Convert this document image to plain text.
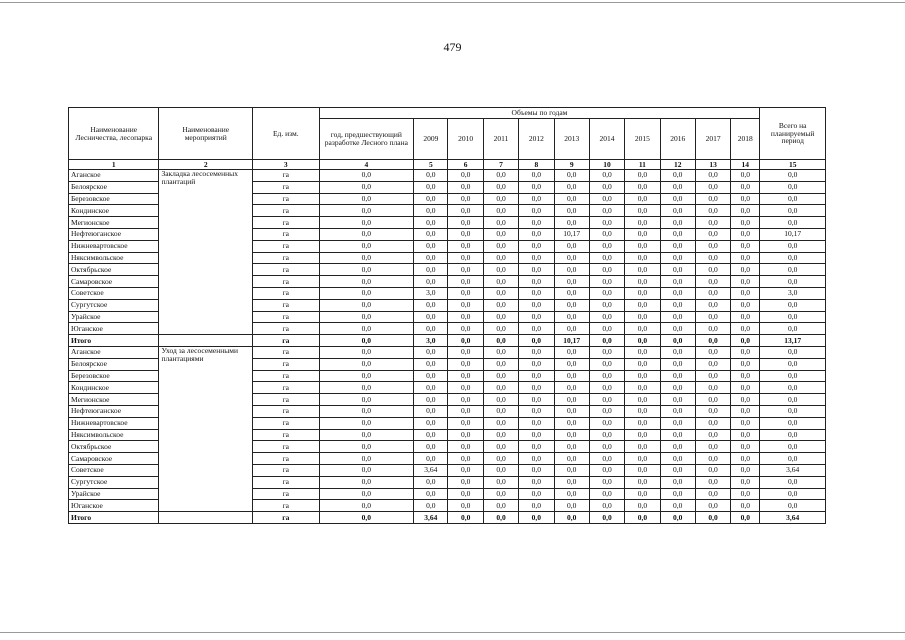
479
Наименование Лесничества, лесопарка	Наименование мероприятий	Ед. изм.	Объемы по годам											Всего на планируемый период
			год, предшествующий разработке Лесного плана	2009	2010	2011	2012	2013	2014	2015	2016	2017	2018	
1	2	3	4	5	6	7	8	9	10	11	12	13	14	15
Аганское	Закладка лесосеменных плантаций	га	0,0	0,0	0,0	0,0	0,0	0,0	0,0	0,0	0,0	0,0	0,0	0,0
Белоярское		га	0,0	0,0	0,0	0,0	0,0	0,0	0,0	0,0	0,0	0,0	0,0	0,0
Березовское		га	0,0	0,0	0,0	0,0	0,0	0,0	0,0	0,0	0,0	0,0	0,0	0,0
Кондинское		га	0,0	0,0	0,0	0,0	0,0	0,0	0,0	0,0	0,0	0,0	0,0	0,0
Мегионское		га	0,0	0,0	0,0	0,0	0,0	0,0	0,0	0,0	0,0	0,0	0,0	0,0
Нефтеюганское		га	0,0	0,0	0,0	0,0	0,0	10,17	0,0	0,0	0,0	0,0	0,0	10,17
Нижневартовское		га	0,0	0,0	0,0	0,0	0,0	0,0	0,0	0,0	0,0	0,0	0,0	0,0
Няксимвольское		га	0,0	0,0	0,0	0,0	0,0	0,0	0,0	0,0	0,0	0,0	0,0	0,0
Октябрьское		га	0,0	0,0	0,0	0,0	0,0	0,0	0,0	0,0	0,0	0,0	0,0	0,0
Самаровское		га	0,0	0,0	0,0	0,0	0,0	0,0	0,0	0,0	0,0	0,0	0,0	0,0
Советское		га	0,0	3,0	0,0	0,0	0,0	0,0	0,0	0,0	0,0	0,0	0,0	3,0
Сургутское		га	0,0	0,0	0,0	0,0	0,0	0,0	0,0	0,0	0,0	0,0	0,0	0,0
Урайское		га	0,0	0,0	0,0	0,0	0,0	0,0	0,0	0,0	0,0	0,0	0,0	0,0
Юганское		га	0,0	0,0	0,0	0,0	0,0	0,0	0,0	0,0	0,0	0,0	0,0	0,0
Итого		га	0,0	3,0	0,0	0,0	0,0	10,17	0,0	0,0	0,0	0,0	0,0	13,17
Аганское	Уход за лесосеменными плантациями	га	0,0	0,0	0,0	0,0	0,0	0,0	0,0	0,0	0,0	0,0	0,0	0,0
Белоярское		га	0,0	0,0	0,0	0,0	0,0	0,0	0,0	0,0	0,0	0,0	0,0	0,0
Березовское		га	0,0	0,0	0,0	0,0	0,0	0,0	0,0	0,0	0,0	0,0	0,0	0,0
Кондинское		га	0,0	0,0	0,0	0,0	0,0	0,0	0,0	0,0	0,0	0,0	0,0	0,0
Мегионское		га	0,0	0,0	0,0	0,0	0,0	0,0	0,0	0,0	0,0	0,0	0,0	0,0
Нефтеюганское		га	0,0	0,0	0,0	0,0	0,0	0,0	0,0	0,0	0,0	0,0	0,0	0,0
Нижневартовское		га	0,0	0,0	0,0	0,0	0,0	0,0	0,0	0,0	0,0	0,0	0,0	0,0
Няксимвольское		га	0,0	0,0	0,0	0,0	0,0	0,0	0,0	0,0	0,0	0,0	0,0	0,0
Октябрьское		га	0,0	0,0	0,0	0,0	0,0	0,0	0,0	0,0	0,0	0,0	0,0	0,0
Самаровское		га	0,0	0,0	0,0	0,0	0,0	0,0	0,0	0,0	0,0	0,0	0,0	0,0
Советское		га	0,0	3,64	0,0	0,0	0,0	0,0	0,0	0,0	0,0	0,0	0,0	3,64
Сургутское		га	0,0	0,0	0,0	0,0	0,0	0,0	0,0	0,0	0,0	0,0	0,0	0,0
Урайское		га	0,0	0,0	0,0	0,0	0,0	0,0	0,0	0,0	0,0	0,0	0,0	0,0
Юганское		га	0,0	0,0	0,0	0,0	0,0	0,0	0,0	0,0	0,0	0,0	0,0	0,0
Итого		га	0,0	3,64	0,0	0,0	0,0	0,0	0,0	0,0	0,0	0,0	0,0	3,64
